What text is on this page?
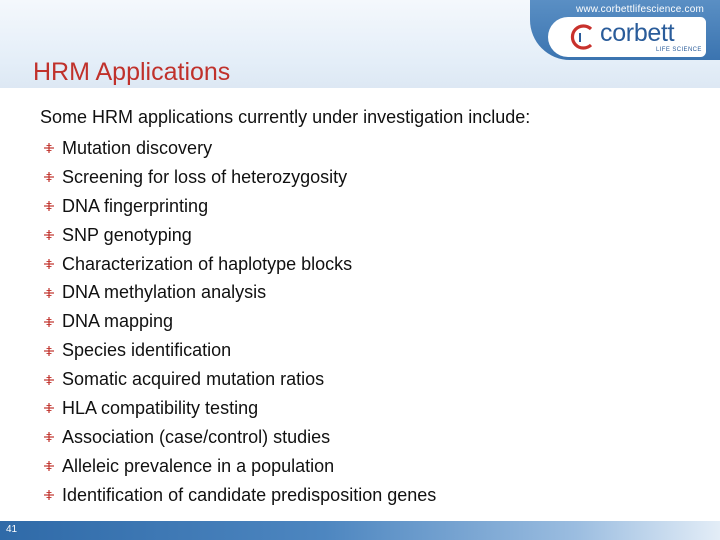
www.corbettlifescience.com
corbett
LIFE SCIENCE
HRM Applications
Some HRM applications currently under investigation include:
Mutation discovery
Screening for loss of heterozygosity
DNA fingerprinting
SNP genotyping
Characterization of haplotype blocks
DNA methylation analysis
DNA mapping
Species identification
Somatic acquired mutation ratios
HLA compatibility testing
Association (case/control) studies
Alleleic prevalence in a population
Identification of candidate predisposition genes
41
